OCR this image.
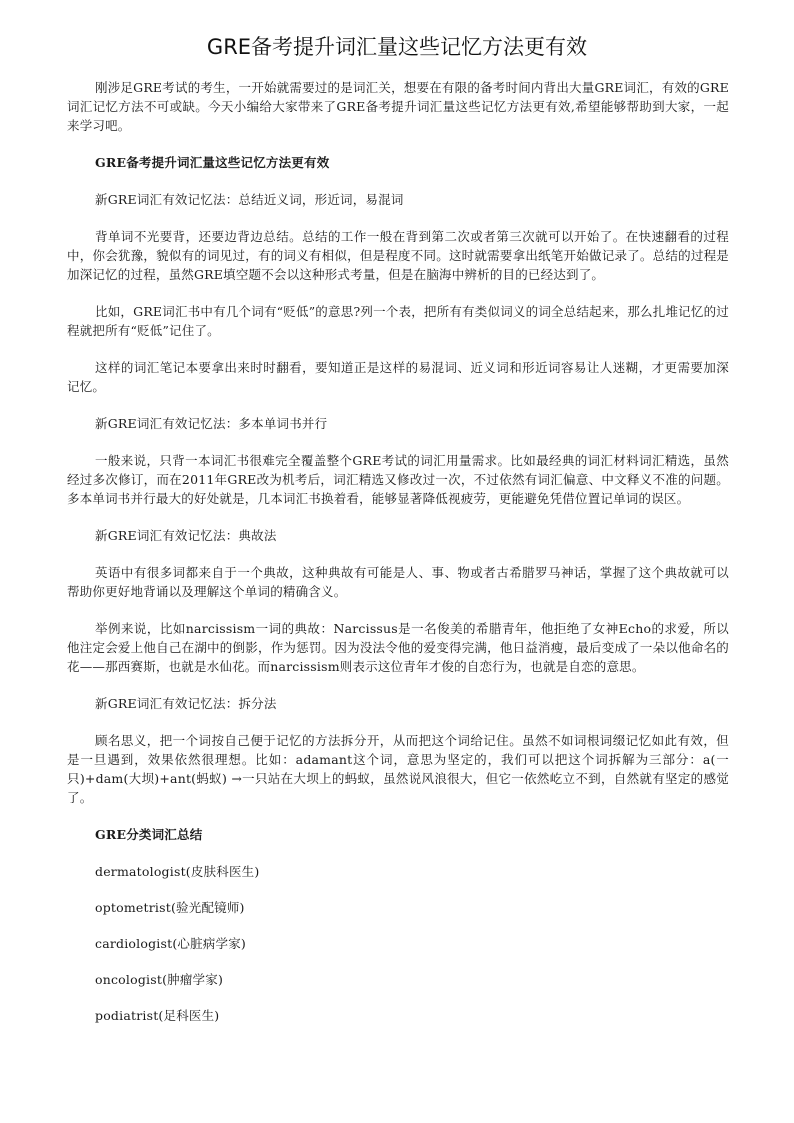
GRE备考提升词汇量这些记忆方法更有效

刚涉足GRE考试的考生，一开始就需要过的是词汇关，想要在有限的备考时间内背出大量GRE词汇，有效的GRE词汇记忆方法不可或缺。今天小编给大家带来了GRE备考提升词汇量这些记忆方法更有效,希望能够帮助到大家，一起来学习吧。

GRE备考提升词汇量这些记忆方法更有效

新GRE词汇有效记忆法：总结近义词，形近词，易混词

背单词不光要背，还要边背边总结。总结的工作一般在背到第二次或者第三次就可以开始了。在快速翻看的过程中，你会犹豫，貌似有的词见过，有的词义有相似，但是程度不同。这时就需要拿出纸笔开始做记录了。总结的过程是加深记忆的过程，虽然GRE填空题不会以这种形式考量，但是在脑海中辨析的目的已经达到了。

比如，GRE词汇书中有几个词有“贬低”的意思?列一个表，把所有有类似词义的词全总结起来，那么扎堆记忆的过程就把所有“贬低”记住了。

这样的词汇笔记本要拿出来时时翻看，要知道正是这样的易混词、近义词和形近词容易让人迷糊，才更需要加深记忆。

新GRE词汇有效记忆法：多本单词书并行

一般来说，只背一本词汇书很难完全覆盖整个GRE考试的词汇用量需求。比如最经典的词汇材料词汇精选，虽然经过多次修订，而在2011年GRE改为机考后，词汇精选又修改过一次，不过依然有词汇偏意、中文释义不准的问题。多本单词书并行最大的好处就是，几本词汇书换着看，能够显著降低视疲劳，更能避免凭借位置记单词的误区。

新GRE词汇有效记忆法：典故法

英语中有很多词都来自于一个典故，这种典故有可能是人、事、物或者古希腊罗马神话，掌握了这个典故就可以帮助你更好地背诵以及理解这个单词的精确含义。

举例来说，比如narcissism一词的典故：Narcissus是一名俊美的希腊青年，他拒绝了女神Echo的求爱，所以他注定会爱上他自己在湖中的倒影，作为惩罚。因为没法令他的爱变得完满，他日益消瘦，最后变成了一朵以他命名的花——那西赛斯，也就是水仙花。而narcissism则表示这位青年才俊的自恋行为，也就是自恋的意思。

新GRE词汇有效记忆法：拆分法

顾名思义，把一个词按自己便于记忆的方法拆分开，从而把这个词给记住。虽然不如词根词缀记忆如此有效，但是一旦遇到，效果依然很理想。比如：adamant这个词，意思为坚定的，我们可以把这个词拆解为三部分：a(一只)+dam(大坝)+ant(蚂蚁) →一只站在大坝上的蚂蚁，虽然说风浪很大，但它一依然屹立不到，自然就有坚定的感觉了。

GRE分类词汇总结

dermatologist(皮肤科医生)

optometrist(验光配镜师)

cardiologist(心脏病学家)

oncologist(肿瘤学家)

podiatrist(足科医生)
